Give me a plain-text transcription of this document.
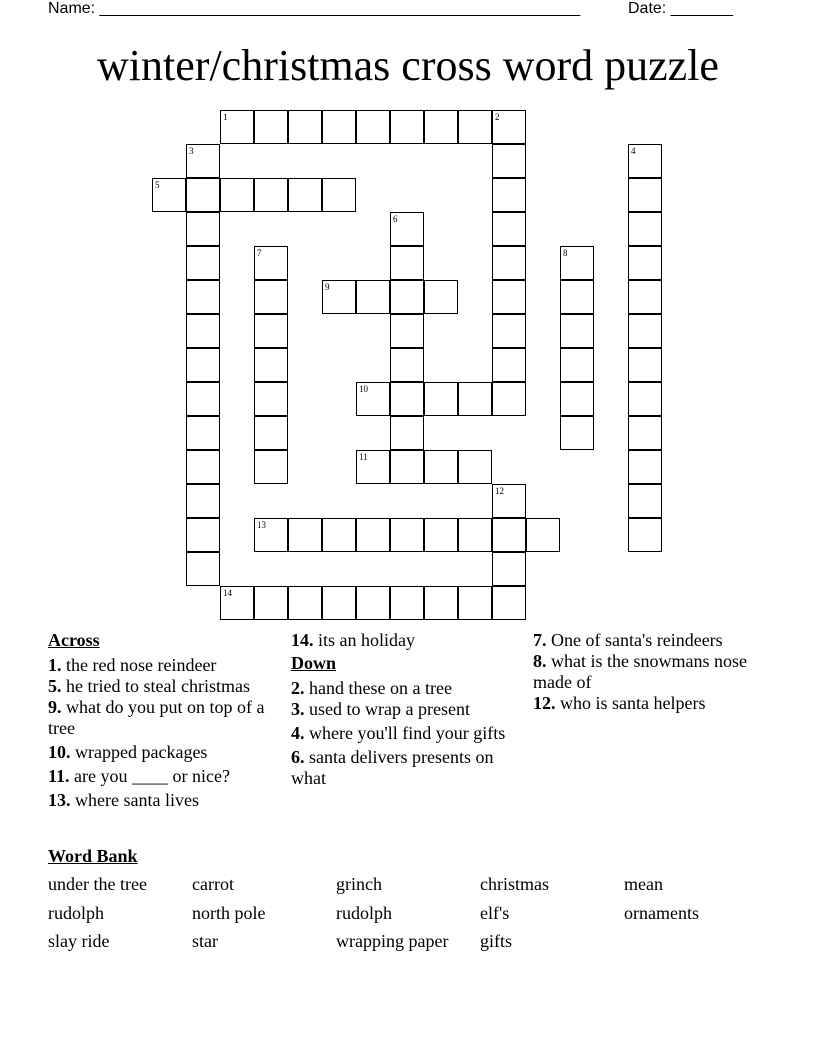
Name: ______________________________________________________	Date: _______
winter/christmas cross word puzzle
1
5
9
10
11
13
14
2
3	4
6
7	8
12
Across
1. the red nose reindeer
5. he tried to steal christmas
9. what do you put on top of a tree
10. wrapped packages
11. are you ____ or nice?
13. where santa lives
14. its an holiday
Down
2. hand these on a tree
3. used to wrap a present
4. where you'll find your gifts
6. santa delivers presents on what
7. One of santa's reindeers
8. what is the snowmans nose made of
12. who is santa helpers
Word Bank
under the tree	carrot	grinch	christmas	mean
rudolph	north pole	rudolph	elf's	ornaments
slay ride	star	wrapping paper	gifts
